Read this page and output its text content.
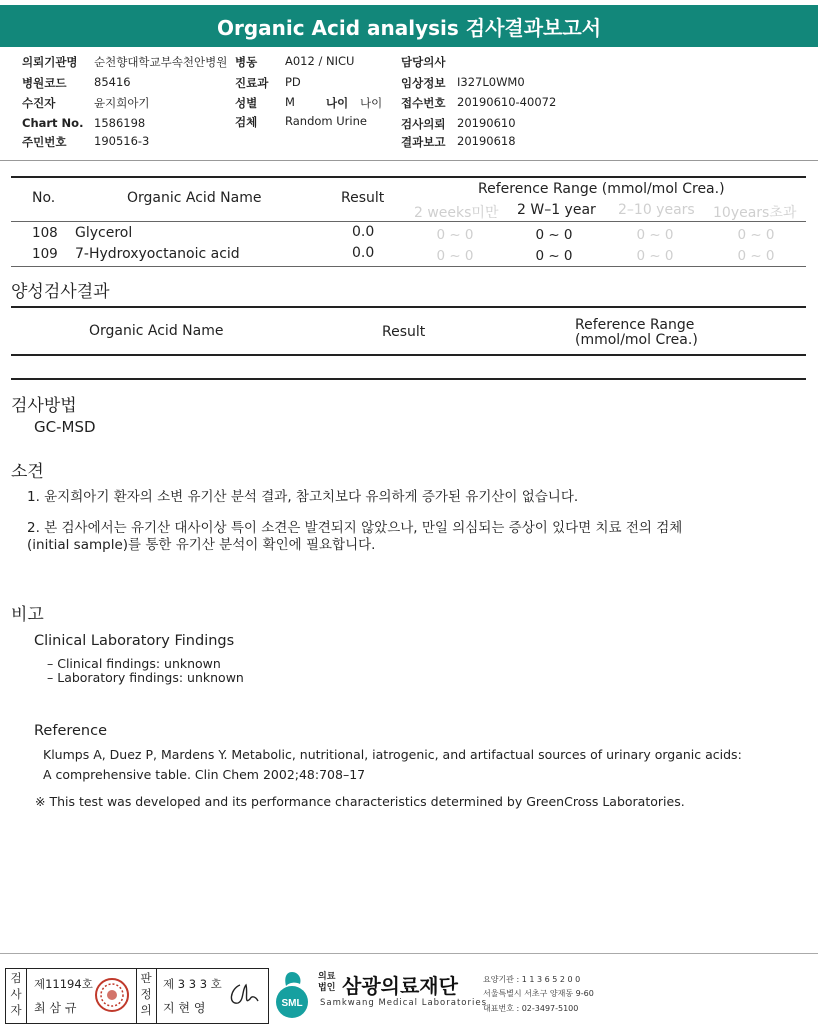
Organic Acid analysis 검사결과보고서
의뢰기관명 순천향대학교부속천안병원
병원코드 85416
수진자	윤지희아기
Chart No. 1586198
주민번호 190516-3
병동 A012 / NICU
진료과 PD
성별 M	나이 나이
검체 Random Urine
담당의사
임상정보 I327L0WM0
접수번호 20190610-40072
검사의뢰 20190610
결과보고 20190618
No.	Organic Acid Name	Result
Reference Range (mmol/mol Crea.)
2 weeks미만 2 W–1 year 2–10 years 10years초과
108 Glycerol	0.0	0 ~ 0	0 ~ 0	0 ~ 0	0 ~ 0
109 7-Hydroxyoctanoic acid	0.0	0 ~ 0	0 ~ 0	0 ~ 0	0 ~ 0
양성검사결과
Organic Acid Name	Result	Reference Range
(mmol/mol Crea.)
검사방법
GC-MSD
소견
1. 윤지희아기 환자의 소변 유기산 분석 결과, 참고치보다 유의하게 증가된 유기산이 없습니다.
2. 본 검사에서는 유기산 대사이상 특이 소견은 발견되지 않았으나, 만일 의심되는 증상이 있다면 치료 전의 검체
(initial sample)를 통한 유기산 분석이 확인에 필요합니다.
비고
Clinical Laboratory Findings
– Clinical findings: unknown
– Laboratory findings: unknown
Reference
Klumps A, Duez P, Mardens Y. Metabolic, nutritional, iatrogenic, and artifactual sources of urinary organic acids:
A comprehensive table. Clin Chem 2002;48:708–17
※ This test was developed and its performance characteristics determined by GreenCross Laboratories.
검사자
제11194호
최 삼 규
판정의
제 3 3 3 호
지 현 영	SML
의료
법인 삼광의료재단
Samkwang Medical Laboratories
요양기관 : 1 1 3 6 5 2 0 0
서울특별시 서초구 양재동 9-60
대표번호 : 02-3497-5100
